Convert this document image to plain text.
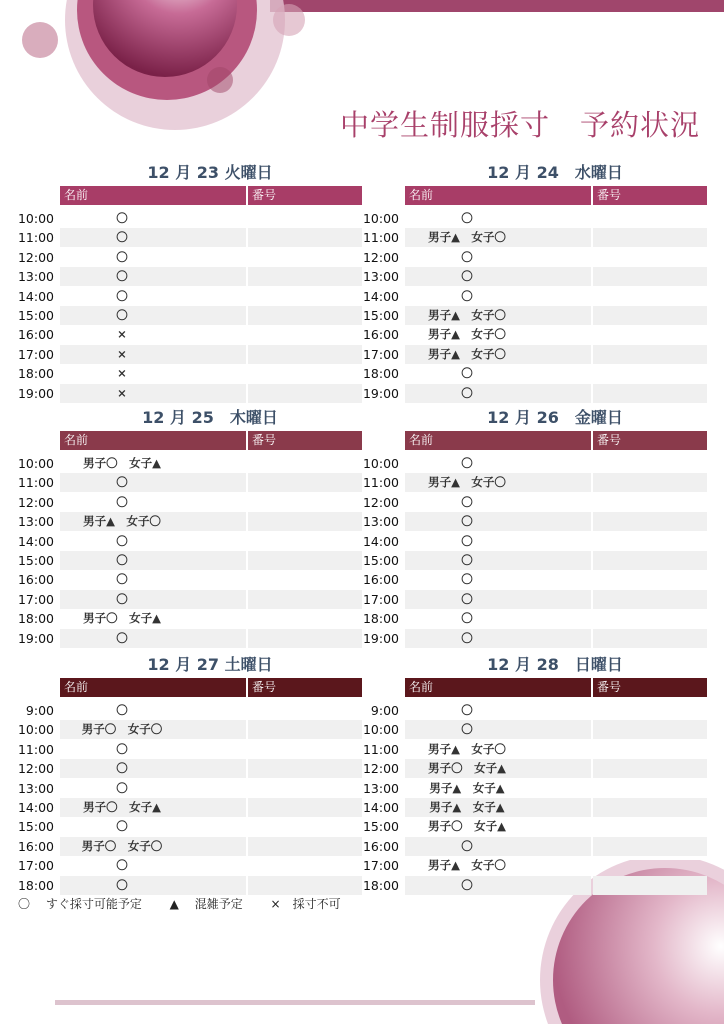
中学生制服採寸　予約状況
12 月 23 火曜日
名前	番号
10:00	〇
11:00	〇
12:00	〇
13:00	〇
14:00	〇
15:00	〇
16:00	×
17:00	×
18:00	×
19:00	×
12 月 24　水曜日
名前	番号
10:00	〇
11:00	男子▲　女子〇
12:00	〇
13:00	〇
14:00	〇
15:00	男子▲　女子〇
16:00	男子▲　女子〇
17:00	男子▲　女子〇
18:00	〇
19:00	〇
12 月 25　木曜日
名前	番号
10:00	男子〇　女子▲
11:00	〇
12:00	〇
13:00	男子▲　女子〇
14:00	〇
15:00	〇
16:00	〇
17:00	〇
18:00	男子〇　女子▲
19:00	〇
12 月 26　金曜日
名前	番号
10:00	〇
11:00	男子▲　女子〇
12:00	〇
13:00	〇
14:00	〇
15:00	〇
16:00	〇
17:00	〇
18:00	〇
19:00	〇
12 月 27 土曜日
名前	番号
9:00	〇
10:00	男子〇　女子〇
11:00	〇
12:00	〇
13:00	〇
14:00	男子〇　女子▲
15:00	〇
16:00	男子〇　女子〇
17:00	〇
18:00	〇
12 月 28　日曜日
名前	番号
9:00	〇
10:00	〇
11:00	男子▲　女子〇
12:00	男子〇　女子▲
13:00	男子▲　女子▲
14:00	男子▲　女子▲
15:00	男子〇　女子▲
16:00	〇
17:00	男子▲　女子〇
18:00	〇
〇　 すぐ採寸可能予定 ▲　 混雑予定 ×　採寸不可
